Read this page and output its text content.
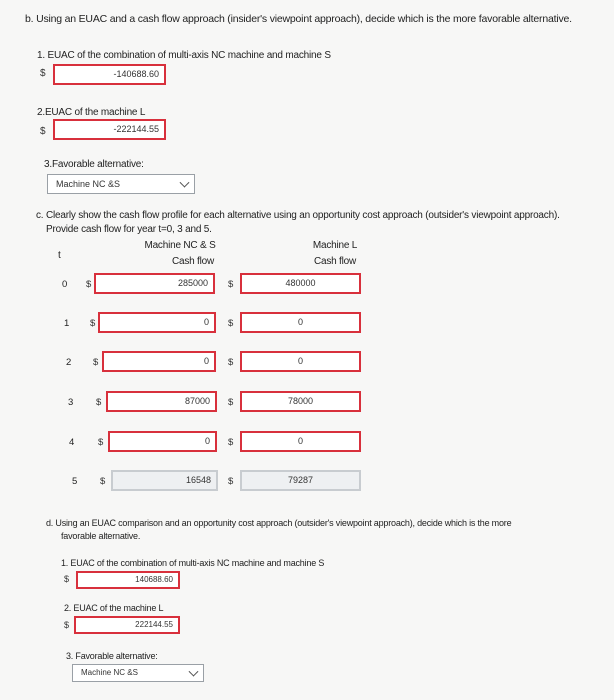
b. Using an EUAC and a cash flow approach (insider's viewpoint approach), decide which is the more favorable alternative.
1. EUAC of the combination of multi-axis NC machine and machine S
$	-140688.60
2.EUAC of the machine L
$	-222144.55
3.Favorable alternative:
Machine NC &S
c. Clearly show the cash flow profile for each alternative using an opportunity cost approach (outsider's viewpoint approach).
Provide cash flow for year t=0, 3 and 5.
t
Machine NC & S
Cash flow
Machine L
Cash flow
0 $	285000	$	480000
1 $	0	$	0
2 $	0	$	0
3 $	87000	$	78000
4	$	0	$	0
5 $	16548	$	79287
d. Using an EUAC comparison and an opportunity cost approach (outsider's viewpoint approach), decide which is the more
favorable alternative.
1. EUAC of the combination of multi-axis NC machine and machine S
$	140688.60
2. EUAC of the machine L
$	222144.55
3. Favorable alternative:
Machine NC &S
